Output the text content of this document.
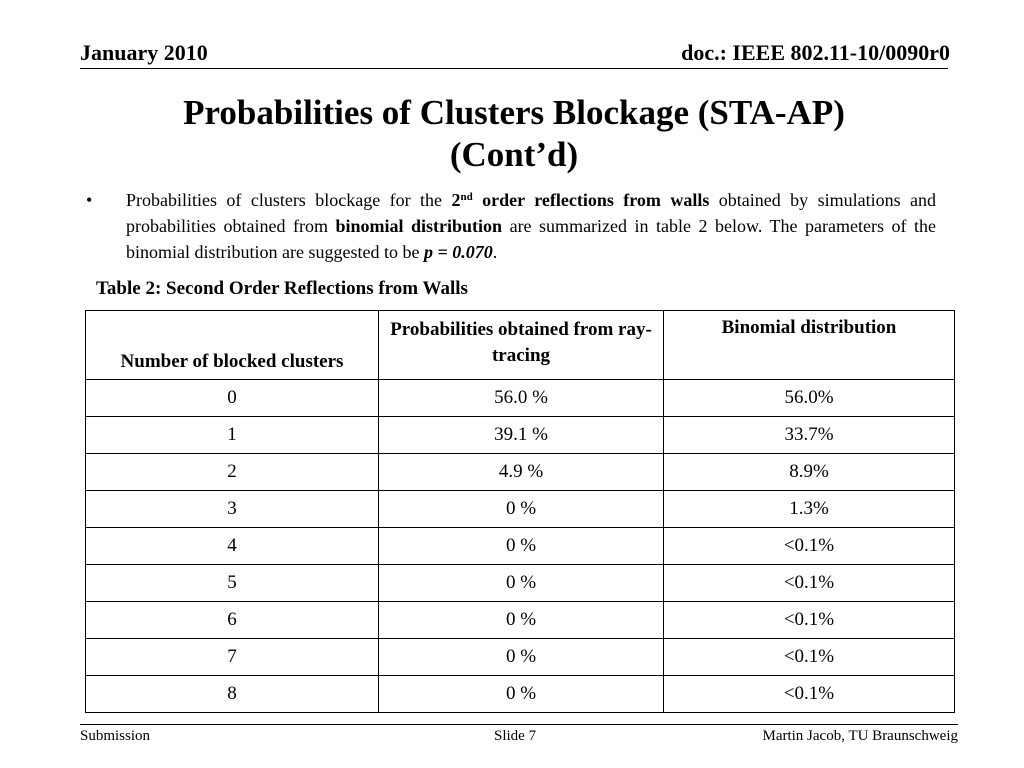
January 2010	doc.: IEEE 802.11-10/0090r0
Probabilities of Clusters Blockage (STA-AP)
(Cont’d)
• Probabilities of clusters blockage for the 2nd order reflections from walls obtained by simulations and probabilities obtained from binomial distribution are summarized in table 2 below. The parameters of the binomial distribution are suggested to be p = 0.070.
Table 2: Second Order Reflections from Walls
Number of blocked clusters	Probabilities obtained from ray-tracing	Binomial distribution
0	56.0 %	56.0%
1	39.1 %	33.7%
2	4.9 %	8.9%
3	0 %	1.3%
4	0 %	<0.1%
5	0 %	<0.1%
6	0 %	<0.1%
7	0 %	<0.1%
8	0 %	<0.1%
Submission	Slide 7	Martin Jacob, TU Braunschweig
